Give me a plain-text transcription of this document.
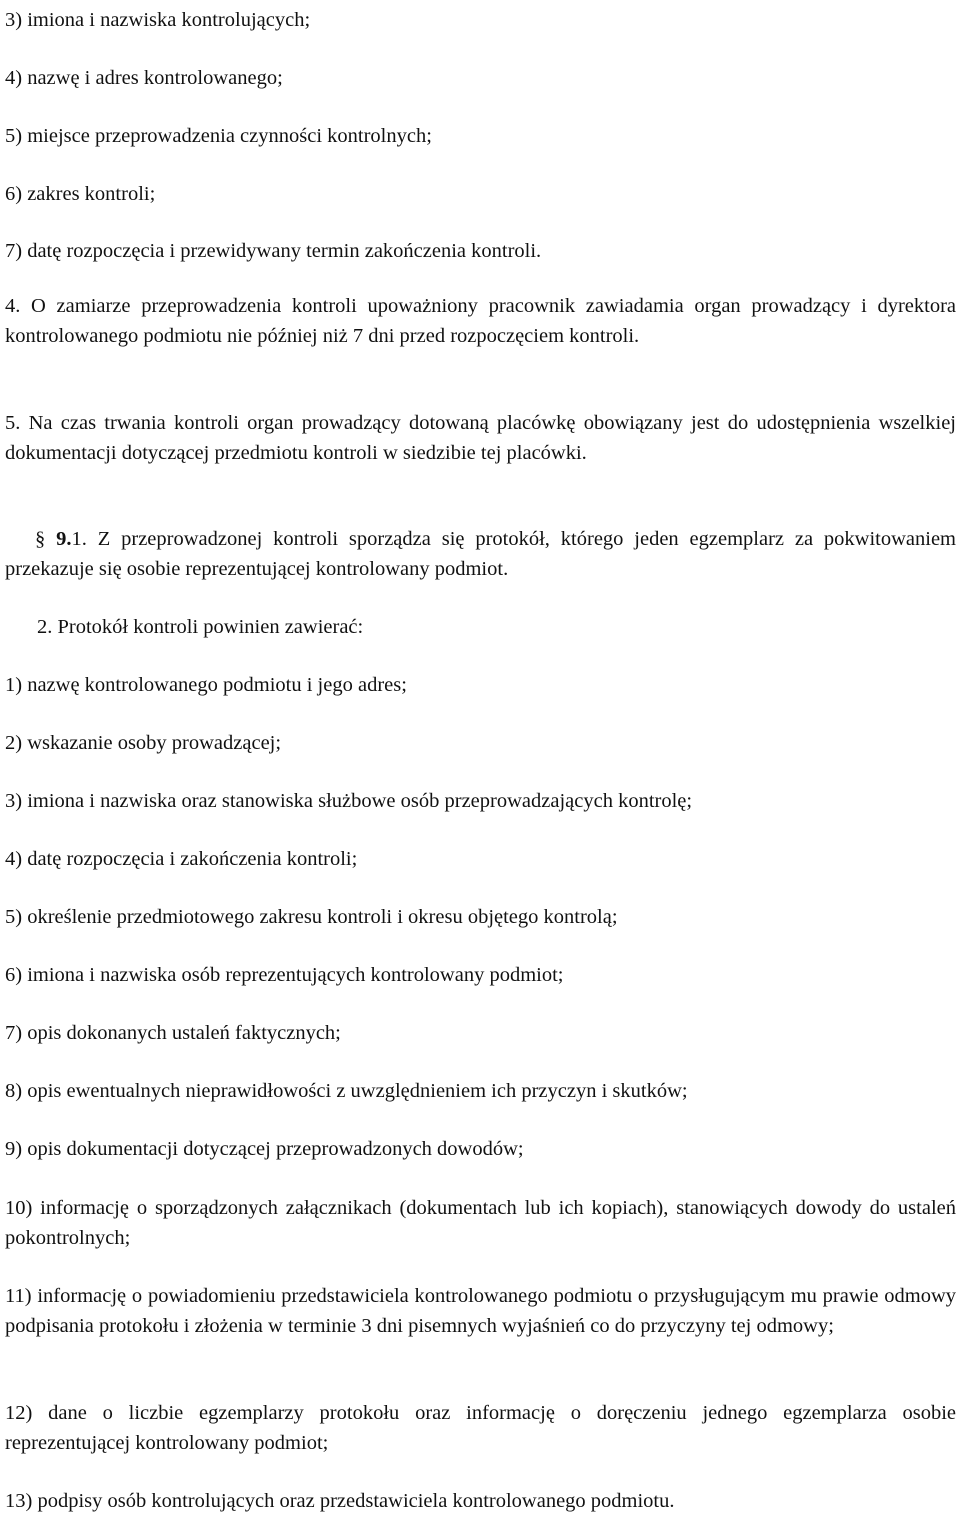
3) imiona i nazwiska kontrolujących;
4) nazwę i adres kontrolowanego;
5) miejsce przeprowadzenia czynności kontrolnych;
6) zakres kontroli;
7) datę rozpoczęcia i przewidywany termin zakończenia kontroli.
4. O zamiarze przeprowadzenia kontroli upoważniony pracownik zawiadamia organ prowadzący i dyrektora kontrolowanego podmiotu nie później niż 7 dni przed rozpoczęciem kontroli.
5. Na czas trwania kontroli organ prowadzący dotowaną placówkę obowiązany jest do udostępnienia wszelkiej dokumentacji dotyczącej przedmiotu kontroli w siedzibie tej placówki.
§ 9.1. Z przeprowadzonej kontroli sporządza się protokół, którego jeden egzemplarz za pokwitowaniem przekazuje się osobie reprezentującej kontrolowany podmiot.
2. Protokół kontroli powinien zawierać:
1) nazwę kontrolowanego podmiotu i jego adres;
2) wskazanie osoby prowadzącej;
3) imiona i nazwiska oraz stanowiska służbowe osób przeprowadzających kontrolę;
4) datę rozpoczęcia i zakończenia kontroli;
5) określenie przedmiotowego zakresu kontroli i okresu objętego kontrolą;
6) imiona i nazwiska osób reprezentujących kontrolowany podmiot;
7) opis dokonanych ustaleń faktycznych;
8) opis ewentualnych nieprawidłowości z uwzględnieniem ich przyczyn i skutków;
9) opis dokumentacji dotyczącej przeprowadzonych dowodów;
10) informację o sporządzonych załącznikach (dokumentach lub ich kopiach), stanowiących dowody do ustaleń pokontrolnych;
11) informację o powiadomieniu przedstawiciela kontrolowanego podmiotu o przysługującym mu prawie odmowy podpisania protokołu i złożenia w terminie 3 dni pisemnych wyjaśnień co do przyczyny tej odmowy;
12) dane o liczbie egzemplarzy protokołu oraz informację o doręczeniu jednego egzemplarza osobie reprezentującej kontrolowany podmiot;
13) podpisy osób kontrolujących oraz przedstawiciela kontrolowanego podmiotu.
